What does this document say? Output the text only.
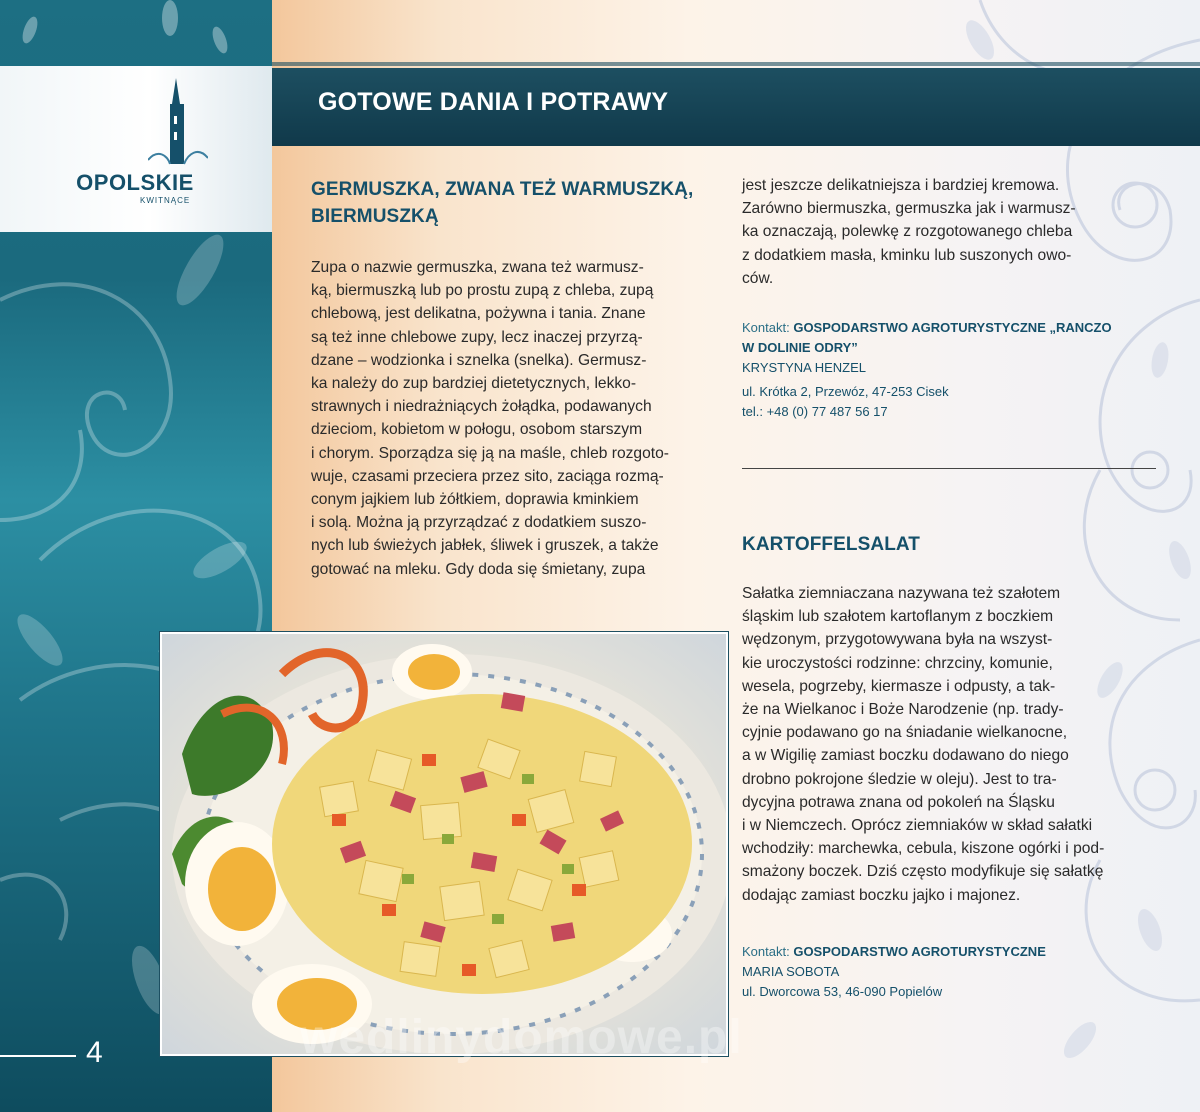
OPOLSKIE
KWITNĄCE
GOTOWE DANIA I POTRAWY
GERMUSZKA, ZWANA TEŻ WARMUSZKĄ,
BIERMUSZKĄ
Zupa o nazwie germuszka, zwana też warmusz-
ką, biermuszką lub po prostu zupą z chleba, zupą
chlebową, jest delikatna, pożywna i tania. Znane
są też inne chlebowe zupy, lecz inaczej przyrzą-
dzane – wodzionka i sznelka (snelka). Germusz-
ka należy do zup bardziej dietetycznych, lekko-
strawnych i niedrażniących żołądka, podawanych
dzieciom, kobietom w połogu, osobom starszym
i chorym. Sporządza się ją na maśle, chleb rozgoto-
wuje, czasami przeciera przez sito, zaciąga rozmą-
conym jajkiem lub żółtkiem, doprawia kminkiem
i solą. Można ją przyrządzać z dodatkiem suszo-
nych lub świeżych jabłek, śliwek i gruszek, a także
gotować na mleku. Gdy doda się śmietany, zupa
jest jeszcze delikatniejsza i bardziej kremowa.
Zarówno biermuszka, germuszka jak i warmusz-
ka oznaczają, polewkę z rozgotowanego chleba
z dodatkiem masła, kminku lub suszonych owo-
ców.
Kontakt: GOSPODARSTWO AGROTURYSTYCZNE „RANCZO
W DOLINIE ODRY”
KRYSTYNA HENZEL
ul. Krótka 2, Przewóz, 47-253 Cisek
tel.: +48 (0) 77 487 56 17
KARTOFFELSALAT
Sałatka ziemniaczana nazywana też szałotem
śląskim lub szałotem kartoflanym z boczkiem
wędzonym, przygotowywana była na wszyst-
kie uroczystości rodzinne: chrzciny, komunie,
wesela, pogrzeby, kiermasze i odpusty, a tak-
że na Wielkanoc i Boże Narodzenie (np. trady-
cyjnie podawano go na śniadanie wielkanocne,
a w Wigilię zamiast boczku dodawano do niego
drobno pokrojone śledzie w oleju). Jest to tra-
dycyjna potrawa znana od pokoleń na Śląsku
i w Niemczech. Oprócz ziemniaków w skład sałatki
wchodziły: marchewka, cebula, kiszone ogórki i pod-
smażony boczek. Dziś często modyfikuje się sałatkę
dodając zamiast boczku jajko i majonez.
Kontakt: GOSPODARSTWO AGROTURYSTYCZNE
MARIA SOBOTA
ul. Dworcowa 53, 46-090 Popielów
wedlinydomowe.pl
4
